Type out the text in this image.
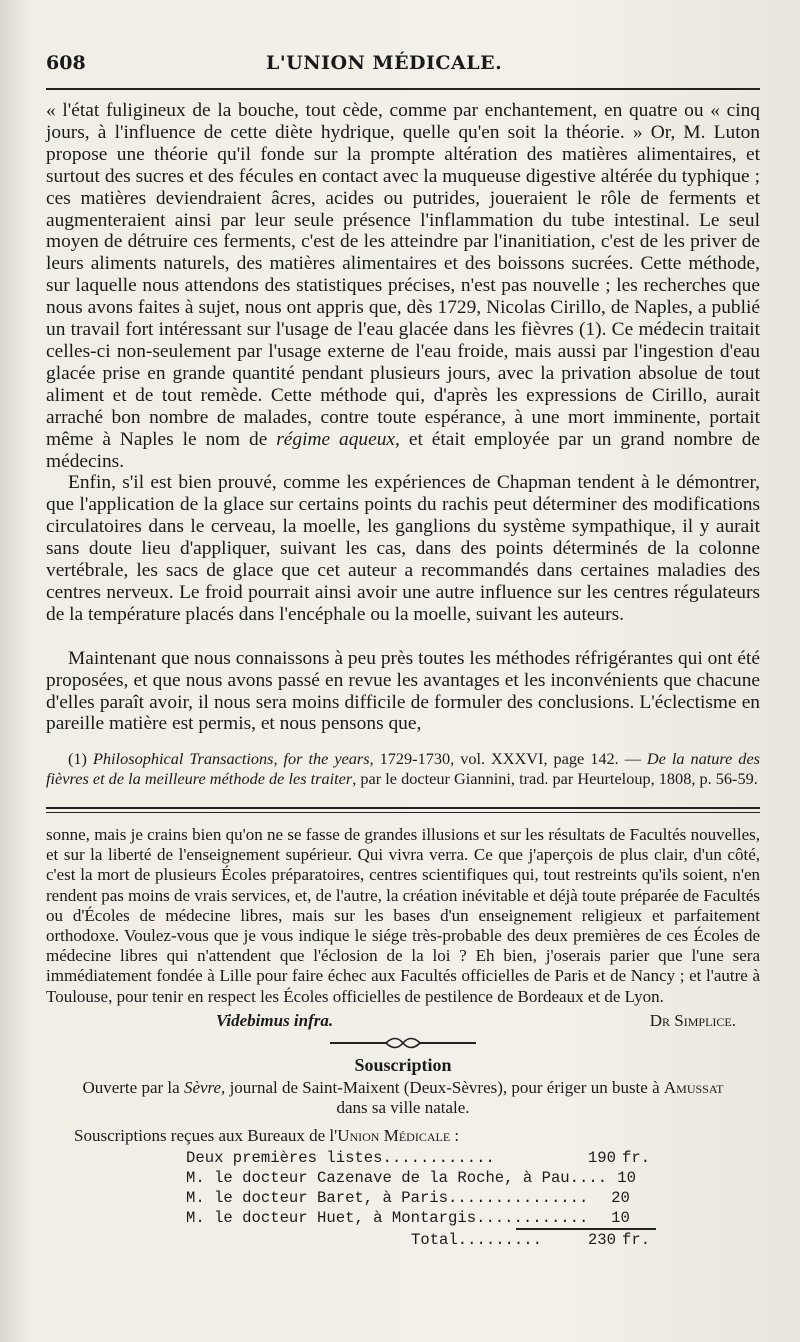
608	L'UNION MÉDICALE.

« l'état fuligineux de la bouche, tout cède, comme par enchantement, en quatre ou « cinq jours, à l'influence de cette diète hydrique, quelle qu'en soit la théorie. » Or, M. Luton propose une théorie qu'il fonde sur la prompte altération des matières alimentaires, et surtout des sucres et des fécules en contact avec la muqueuse digestive altérée du typhique ; ces matières deviendraient âcres, acides ou putrides, joueraient le rôle de ferments et augmenteraient ainsi par leur seule présence l'inflammation du tube intestinal. Le seul moyen de détruire ces ferments, c'est de les atteindre par l'inanitiation, c'est de les priver de leurs aliments naturels, des matières alimentaires et des boissons sucrées. Cette méthode, sur laquelle nous attendons des statistiques précises, n'est pas nouvelle ; les recherches que nous avons faites à sujet, nous ont appris que, dès 1729, Nicolas Cirillo, de Naples, a publié un travail fort intéressant sur l'usage de l'eau glacée dans les fièvres (1). Ce médecin traitait celles-ci non-seulement par l'usage externe de l'eau froide, mais aussi par l'ingestion d'eau glacée prise en grande quantité pendant plusieurs jours, avec la privation absolue de tout aliment et de tout remède. Cette méthode qui, d'après les expressions de Cirillo, aurait arraché bon nombre de malades, contre toute espérance, à une mort imminente, portait même à Naples le nom de régime aqueux, et était employée par un grand nombre de médecins.

Enfin, s'il est bien prouvé, comme les expériences de Chapman tendent à le démontrer, que l'application de la glace sur certains points du rachis peut déterminer des modifications circulatoires dans le cerveau, la moelle, les ganglions du système sympathique, il y aurait sans doute lieu d'appliquer, suivant les cas, dans des points déterminés de la colonne vertébrale, les sacs de glace que cet auteur a recommandés dans certaines maladies des centres nerveux. Le froid pourrait ainsi avoir une autre influence sur les centres régulateurs de la température placés dans l'encéphale ou la moelle, suivant les auteurs.

Maintenant que nous connaissons à peu près toutes les méthodes réfrigérantes qui ont été proposées, et que nous avons passé en revue les avantages et les inconvénients que chacune d'elles paraît avoir, il nous sera moins difficile de formuler des conclusions. L'éclectisme en pareille matière est permis, et nous pensons que,

(1) Philosophical Transactions, for the years, 1729-1730, vol. XXXVI, page 142. — De la nature des fièvres et de la meilleure méthode de les traiter, par le docteur Giannini, trad. par Heurteloup, 1808, p. 56-59.

sonne, mais je crains bien qu'on ne se fasse de grandes illusions et sur les résultats de Facultés nouvelles, et sur la liberté de l'enseignement supérieur. Qui vivra verra. Ce que j'aperçois de plus clair, d'un côté, c'est la mort de plusieurs Écoles préparatoires, centres scientifiques qui, tout restreints qu'ils soient, n'en rendent pas moins de vrais services, et, de l'autre, la création inévitable et déjà toute préparée de Facultés ou d'Écoles de médecine libres, mais sur les bases d'un enseignement religieux et parfaitement orthodoxe. Voulez-vous que je vous indique le siége très-probable des deux premières de ces Écoles de médecine libres qui n'attendent que l'éclosion de la loi ? Eh bien, j'oserais parier que l'une sera immédiatement fondée à Lille pour faire échec aux Facultés officielles de Paris et de Nancy ; et l'autre à Toulouse, pour tenir en respect les Écoles officielles de pestilence de Bordeaux et de Lyon.

Videbimus infra.	Dr Simplice.
Souscription
Ouverte par la Sèvre, journal de Saint-Maixent (Deux-Sèvres), pour ériger un buste à Amussat
dans sa ville natale.
Souscriptions reçues aux Bureaux de l'Union Médicale :
Deux premières listes............	190 fr.
M. le docteur Cazenave de la Roche, à Pau.... 10
M. le docteur Baret, à Paris...............	20
M. le docteur Huet, à Montargis............	10
Total.........	230 fr.
